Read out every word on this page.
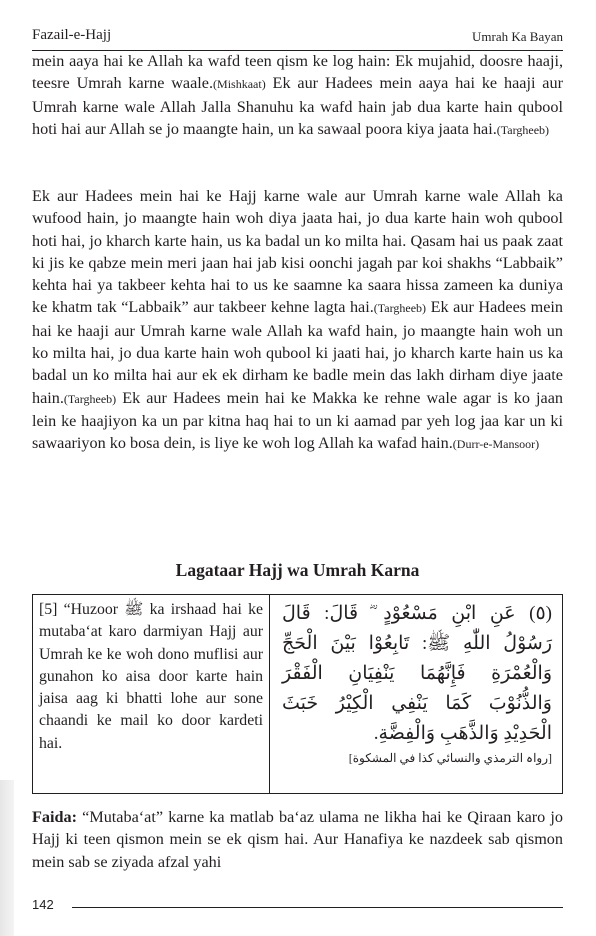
Fazail-e-Hajj	Umrah Ka Bayan

mein aaya hai ke Allah ka wafd teen qism ke log hain: Ek mujahid, doosre haaji, teesre Umrah karne waale.(Mishkaat) Ek aur Hadees mein aaya hai ke haaji aur Umrah karne wale Allah Jalla Shanuhu ka wafd hain jab dua karte hain qubool hoti hai aur Allah se jo maangte hain, un ka sawaal poora kiya jaata hai.(Targheeb)

Ek aur Hadees mein hai ke Hajj karne wale aur Umrah karne wale Allah ka wufood hain, jo maangte hain woh diya jaata hai, jo dua karte hain woh qubool hoti hai, jo kharch karte hain, us ka badal un ko milta hai. Qasam hai us paak zaat ki jis ke qabze mein meri jaan hai jab kisi oonchi jagah par koi shakhs “Labbaik” kehta hai ya takbeer kehta hai to us ke saamne ka saara hissa zameen ka duniya ke khatm tak “Labbaik” aur takbeer kehne lagta hai.(Targheeb) Ek aur Hadees mein hai ke haaji aur Umrah karne wale Allah ka wafd hain, jo maangte hain woh un ko milta hai, jo dua karte hain woh qubool ki jaati hai, jo kharch karte hain us ka badal un ko milta hai aur ek ek dirham ke badle mein das lakh dirham diye jaate hain.(Targheeb) Ek aur Hadees mein hai ke Makka ke rehne wale agar is ko jaan lein ke haajiyon ka un par kitna haq hai to un ki aamad par yeh log jaa kar un ki sawaariyon ko bosa dein, is liye ke woh log Allah ka wafad hain.(Durr-e-Mansoor)

Lagataar Hajj wa Umrah Karna

[5] “Huzoor ﷺ ka irshaad hai ke mutaba‘at karo darmiyan Hajj aur Umrah ke ke woh dono muflisi aur gunahon ko aisa door karte hain jaisa aag ki bhatti lohe aur sone chaandi ke mail ko door kardeti hai.

(٥) عَنِ ابْنِ مَسْعُوْدٍ ؓ قَالَ: قَالَ رَسُوْلُ اللّٰهِ ﷺ: تَابِعُوْا بَيْنَ الْحَجِّ وَالْعُمْرَةِ فَإِنَّهُمَا يَنْفِيَانِ الْفَقْرَ وَالذُّنُوْبَ كَمَا يَنْفِي الْكِيْرُ خَبَثَ الْحَدِيْدِ وَالذَّهَبِ وَالْفِضَّةِ.

[رواہ الترمذي والنسائي كذا في المشكوة]

Faida: “Mutaba‘at” karne ka matlab ba‘az ulama ne likha hai ke Qiraan karo jo Hajj ki teen qismon mein se ek qism hai. Aur Hanafiya ke nazdeek sab qismon mein sab se ziyada afzal yahi

142
